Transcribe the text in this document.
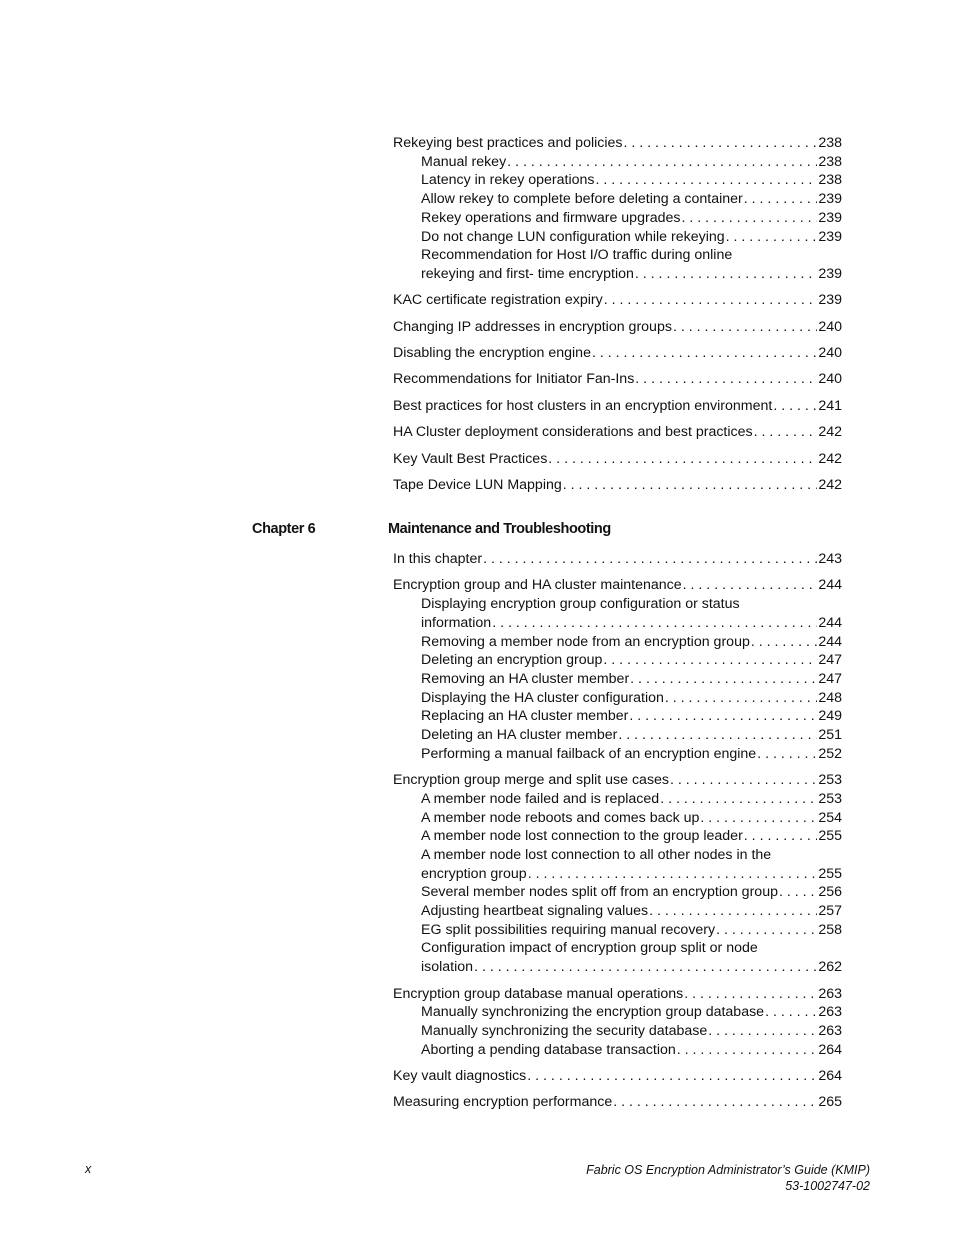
Rekeying best practices and policies . . .	238
Manual rekey . . .	238
Latency in rekey operations . . .	238
Allow rekey to complete before deleting a container . . .	239
Rekey operations and firmware upgrades . . .	239
Do not change LUN configuration while rekeying . . .	239
Recommendation for Host I/O traffic during online
rekeying and first- time encryption . . .	239
KAC certificate registration expiry . . .	239
Changing IP addresses in encryption groups . . .	240
Disabling the encryption engine . . .	240
Recommendations for Initiator Fan-Ins . . .	240
Best practices for host clusters in an encryption environment . . .	241
HA Cluster deployment considerations and best practices . . .	242
Key Vault Best Practices . . .	242
Tape Device LUN Mapping . . .	242
Chapter 6	Maintenance and Troubleshooting
In this chapter . . .	243
Encryption group and HA cluster maintenance . . .	244
Displaying encryption group configuration or status
information . . .	244
Removing a member node from an encryption group . . .	244
Deleting an encryption group . . .	247
Removing an HA cluster member . . .	247
Displaying the HA cluster configuration . . .	248
Replacing an HA cluster member . . .	249
Deleting an HA cluster member . . .	251
Performing a manual failback of an encryption engine . . .	252
Encryption group merge and split use cases . . .	253
A member node failed and is replaced . . .	253
A member node reboots and comes back up . . .	254
A member node lost connection to the group leader . . .	255
A member node lost connection to all other nodes in the
encryption group . . .	255
Several member nodes split off from an encryption group . . .	256
Adjusting heartbeat signaling values . . .	257
EG split possibilities requiring manual recovery . . .	258
Configuration impact of encryption group split or node
isolation . . .	262
Encryption group database manual operations . . .	263
Manually synchronizing the encryption group database . . .	263
Manually synchronizing the security database . . .	263
Aborting a pending database transaction . . .	264
Key vault diagnostics . . .	264
Measuring encryption performance . . .	265
x	Fabric OS Encryption Administrator’s Guide (KMIP)
53-1002747-02
